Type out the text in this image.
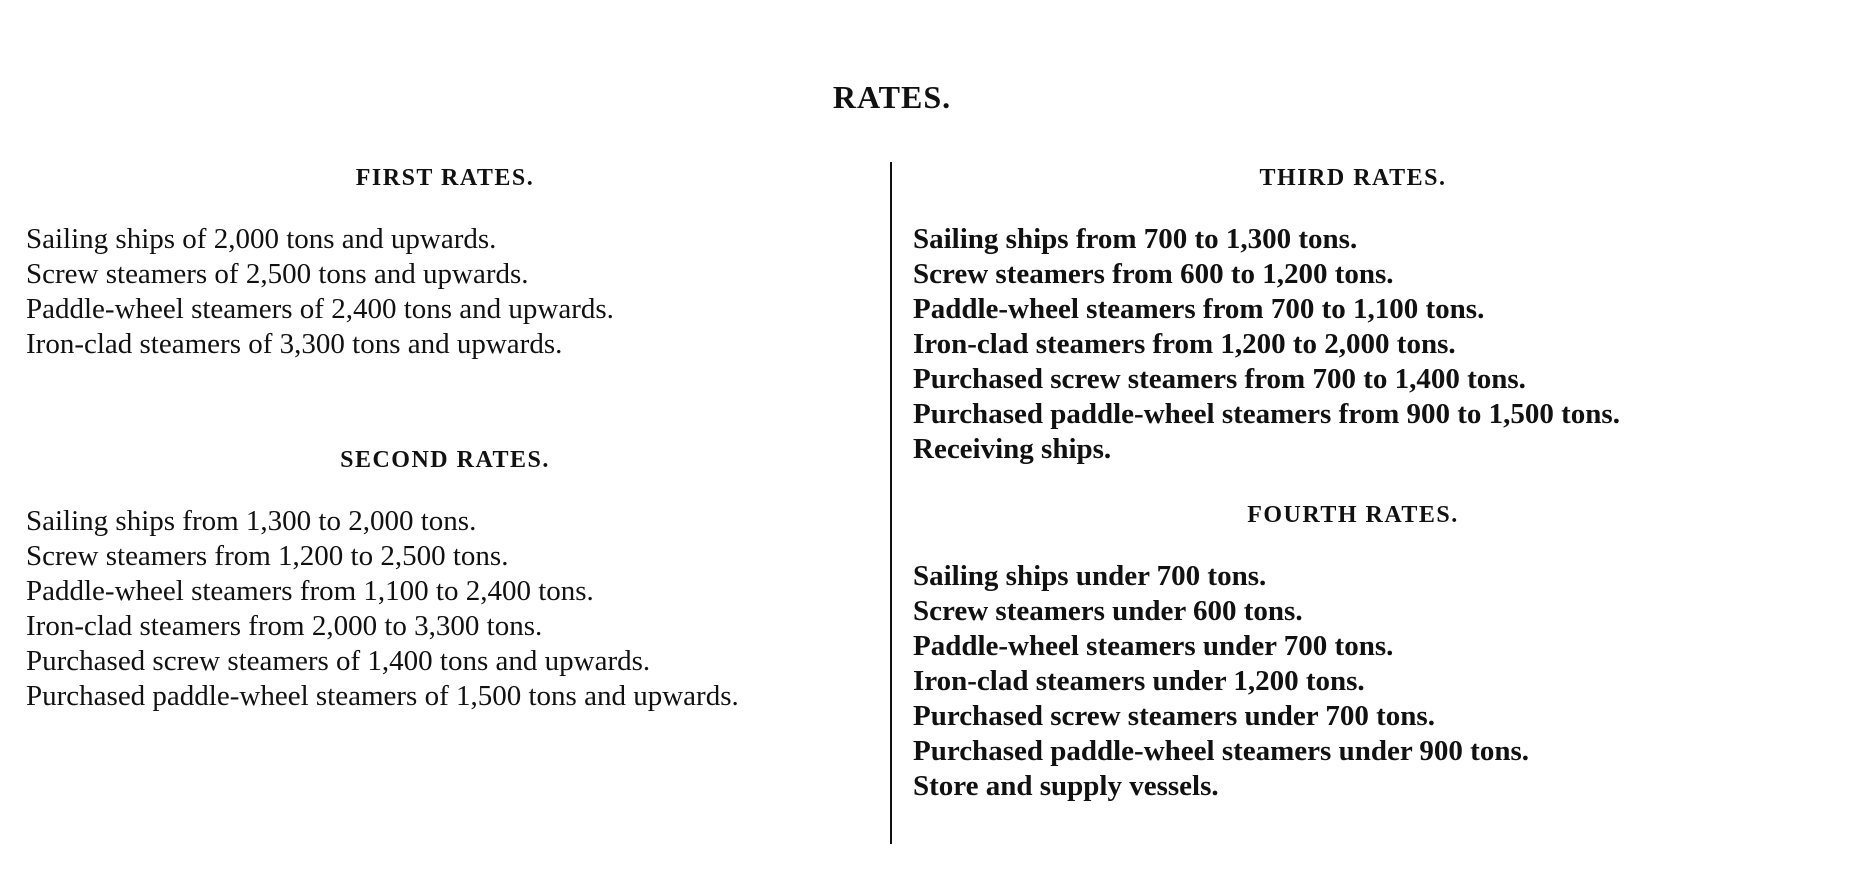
RATES.
FIRST RATES.
Sailing ships of 2,000 tons and upwards.
Screw steamers of 2,500 tons and upwards.
Paddle-wheel steamers of 2,400 tons and upwards.
Iron-clad steamers of 3,300 tons and upwards.
SECOND RATES.
Sailing ships from 1,300 to 2,000 tons.
Screw steamers from 1,200 to 2,500 tons.
Paddle-wheel steamers from 1,100 to 2,400 tons.
Iron-clad steamers from 2,000 to 3,300 tons.
Purchased screw steamers of 1,400 tons and upwards.
Purchased paddle-wheel steamers of 1,500 tons and upwards.
THIRD RATES.
Sailing ships from 700 to 1,300 tons.
Screw steamers from 600 to 1,200 tons.
Paddle-wheel steamers from 700 to 1,100 tons.
Iron-clad steamers from 1,200 to 2,000 tons.
Purchased screw steamers from 700 to 1,400 tons.
Purchased paddle-wheel steamers from 900 to 1,500 tons.
Receiving ships.
FOURTH RATES.
Sailing ships under 700 tons.
Screw steamers under 600 tons.
Paddle-wheel steamers under 700 tons.
Iron-clad steamers under 1,200 tons.
Purchased screw steamers under 700 tons.
Purchased paddle-wheel steamers under 900 tons.
Store and supply vessels.
